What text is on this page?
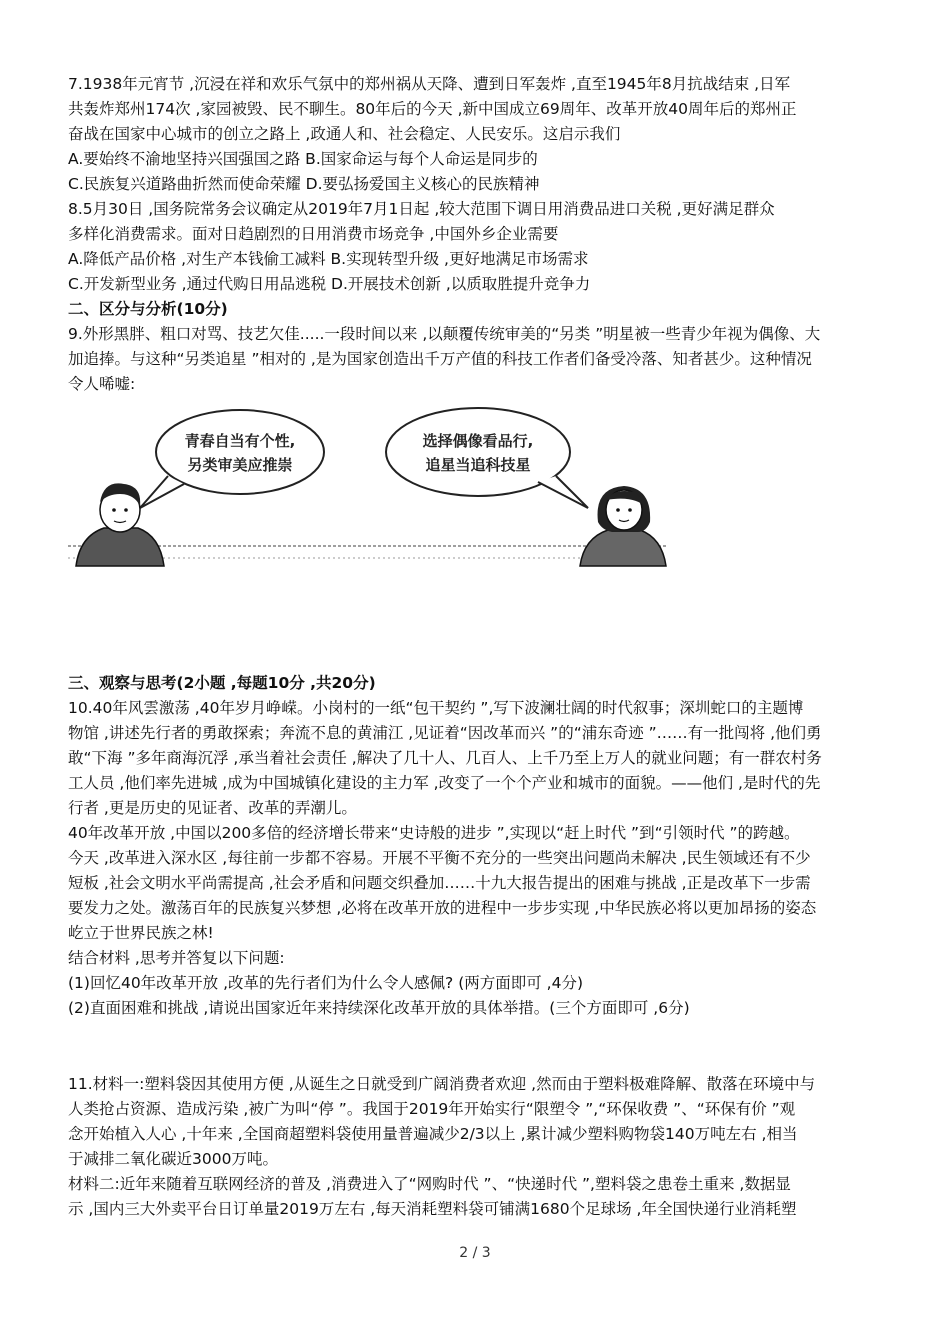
7.1938年元宵节 ,沉浸在祥和欢乐气氛中的郑州祸从天降、遭到日军轰炸 ,直至1945年8月抗战结束 ,日军
共轰炸郑州174次 ,家园被毁、民不聊生。80年后的今天 ,新中国成立69周年、改革开放40周年后的郑州正
奋战在国家中心城市的创立之路上 ,政通人和、社会稳定、人民安乐。这启示我们
A.要始终不渝地坚持兴国强国之路 B.国家命运与每个人命运是同步的
C.民族复兴道路曲折然而使命荣耀 D.要弘扬爱国主义核心的民族精神
8.5月30日 ,国务院常务会议确定从2019年7月1日起 ,较大范围下调日用消费品进口关税 ,更好满足群众
多样化消费需求。面对日趋剧烈的日用消费市场竞争 ,中国外乡企业需要
A.降低产品价格 ,对生产本钱偷工减料 B.实现转型升级 ,更好地满足市场需求
C.开发新型业务 ,通过代购日用品逃税 D.开展技术创新 ,以质取胜提升竞争力
二、区分与分析(10分)
9.外形黑胖、粗口对骂、技艺欠佳.....一段时间以来 ,以颠覆传统审美的“另类 ”明星被一些青少年视为偶像、大
加追捧。与这种“另类追星 ”相对的 ,是为国家创造出千万产值的科技工作者们备受冷落、知者甚少。这种情况
令人唏嘘:
青春自当有个性,
另类审美应推崇
选择偶像看品行,
追星当追科技星
三、观察与思考(2小题 ,每题10分 ,共20分)
10.40年风雲激荡 ,40年岁月峥嵘。小岗村的一纸“包干契约 ”,写下波澜壮阔的时代叙事；深圳蛇口的主题博
物馆 ,讲述先行者的勇敢探索；奔流不息的黄浦江 ,见证着“因改革而兴 ”的“浦东奇迹 ”……有一批闯将 ,他们勇
敢“下海 ”多年商海沉浮 ,承当着社会责任 ,解决了几十人、几百人、上千乃至上万人的就业问题；有一群农村务
工人员 ,他们率先进城 ,成为中国城镇化建设的主力军 ,改变了一个个产业和城市的面貌。——他们 ,是时代的先
行者 ,更是历史的见证者、改革的弄潮儿。
40年改革开放 ,中国以200多倍的经济增长带来“史诗般的进步 ”,实现以“赶上时代 ”到“引领时代 ”的跨越。
今天 ,改革进入深水区 ,每往前一步都不容易。开展不平衡不充分的一些突出问题尚未解决 ,民生领域还有不少
短板 ,社会文明水平尚需提高 ,社会矛盾和问题交织叠加……十九大报告提出的困难与挑战 ,正是改革下一步需
要发力之处。激荡百年的民族复兴梦想 ,必将在改革开放的进程中一步步实现 ,中华民族必将以更加昂扬的姿态
屹立于世界民族之林!
结合材料 ,思考并答复以下问题:
(1)回忆40年改革开放 ,改革的先行者们为什么令人感佩? (两方面即可 ,4分)
(2)直面困难和挑战 ,请说出国家近年来持续深化改革开放的具体举措。(三个方面即可 ,6分)
11.材料一:塑料袋因其使用方便 ,从诞生之日就受到广阔消费者欢迎 ,然而由于塑料极难降解、散落在环境中与
人类抢占资源、造成污染 ,被广为叫“停 ”。我国于2019年开始实行“限塑令 ”,“环保收费 ”、“环保有价 ”观
念开始植入人心 ,十年来 ,全国商超塑料袋使用量普遍减少2/3以上 ,累计减少塑料购物袋140万吨左右 ,相当
于减排二氧化碳近3000万吨。
材料二:近年来随着互联网经济的普及 ,消费进入了“网购时代 ”、“快递时代 ”,塑料袋之患卷土重来 ,数据显
示 ,国内三大外卖平台日订单量2019万左右 ,每天消耗塑料袋可铺满1680个足球场 ,年全国快递行业消耗塑
2 / 3
